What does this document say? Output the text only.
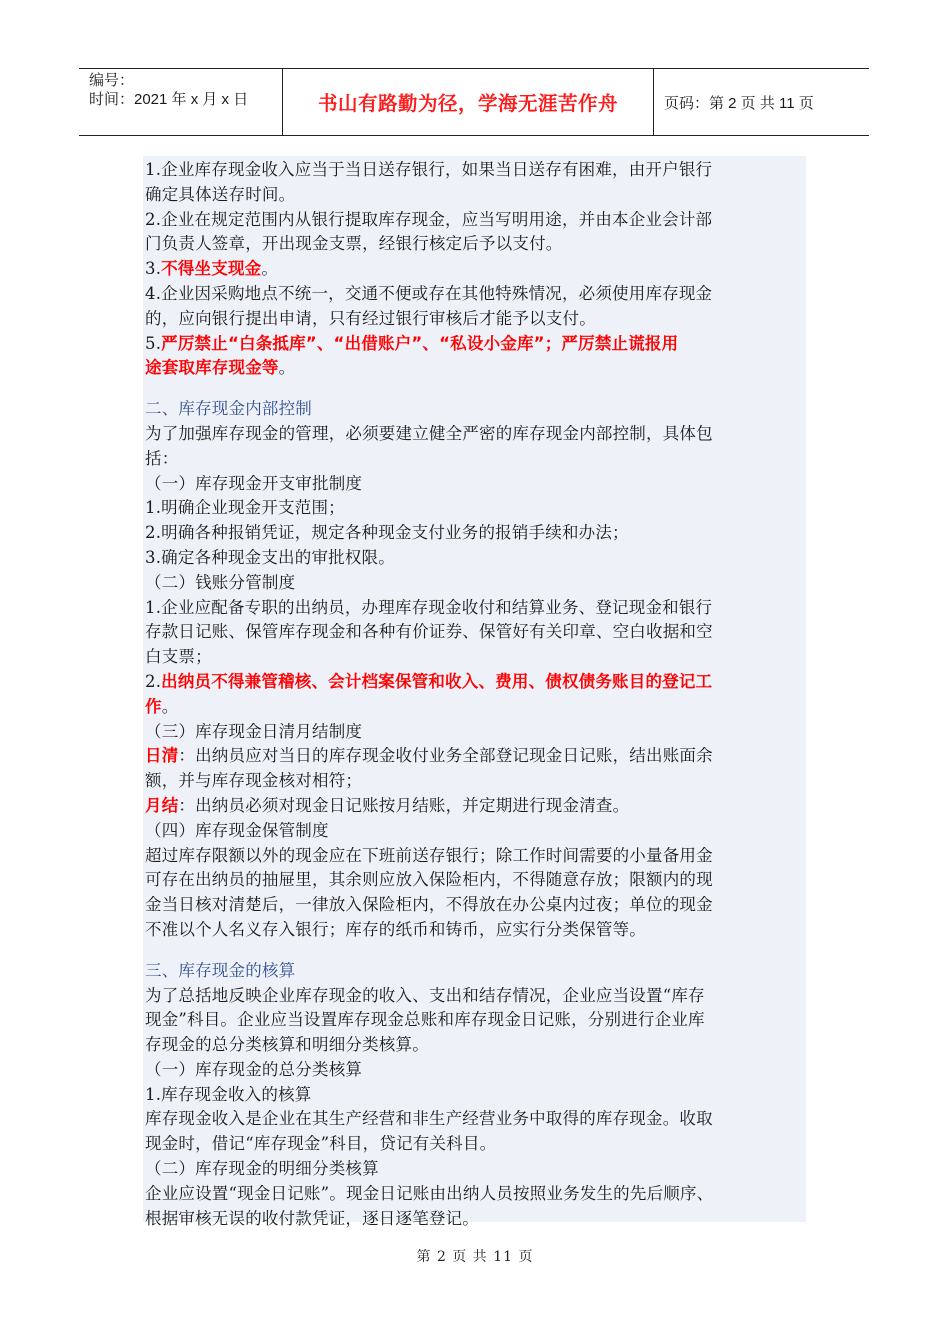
编号：
时间：2021 年 x 月 x 日	书山有路勤为径，学海无涯苦作舟	页码：第 2 页 共 11 页

1.企业库存现金收入应当于当日送存银行，如果当日送存有困难，由开户银行

确定具体送存时间。

2.企业在规定范围内从银行提取库存现金，应当写明用途，并由本企业会计部

门负责人签章，开出现金支票，经银行核定后予以支付。

3.不得坐支现金。

4.企业因采购地点不统一，交通不便或存在其他特殊情况，必须使用库存现金

的，应向银行提出申请，只有经过银行审核后才能予以支付。

5.严厉禁止“白条抵库”、“出借账户”、“私设小金库”；严厉禁止谎报用

途套取库存现金等。

二、库存现金内部控制

为了加强库存现金的管理，必须要建立健全严密的库存现金内部控制，具体包

括：

（一）库存现金开支审批制度

1.明确企业现金开支范围；

2.明确各种报销凭证，规定各种现金支付业务的报销手续和办法；

3.确定各种现金支出的审批权限。

（二）钱账分管制度

1.企业应配备专职的出纳员，办理库存现金收付和结算业务、登记现金和银行

存款日记账、保管库存现金和各种有价证券、保管好有关印章、空白收据和空

白支票；

2.出纳员不得兼管稽核、会计档案保管和收入、费用、债权债务账目的登记工

作。

（三）库存现金日清月结制度

日清：出纳员应对当日的库存现金收付业务全部登记现金日记账，结出账面余

额，并与库存现金核对相符；

月结：出纳员必须对现金日记账按月结账，并定期进行现金清查。

（四）库存现金保管制度

超过库存限额以外的现金应在下班前送存银行；除工作时间需要的小量备用金

可存在出纳员的抽屉里，其余则应放入保险柜内，不得随意存放；限额内的现

金当日核对清楚后，一律放入保险柜内，不得放在办公桌内过夜；单位的现金

不准以个人名义存入银行；库存的纸币和铸币，应实行分类保管等。

三、库存现金的核算

为了总括地反映企业库存现金的收入、支出和结存情况，企业应当设置“库存

现金”科目。企业应当设置库存现金总账和库存现金日记账，分别进行企业库

存现金的总分类核算和明细分类核算。

（一）库存现金的总分类核算

1.库存现金收入的核算

库存现金收入是企业在其生产经营和非生产经营业务中取得的库存现金。收取

现金时，借记“库存现金”科目，贷记有关科目。

（二）库存现金的明细分类核算

企业应设置“现金日记账”。现金日记账由出纳人员按照业务发生的先后顺序、

根据审核无误的收付款凭证，逐日逐笔登记。

第 2 页 共 11 页
